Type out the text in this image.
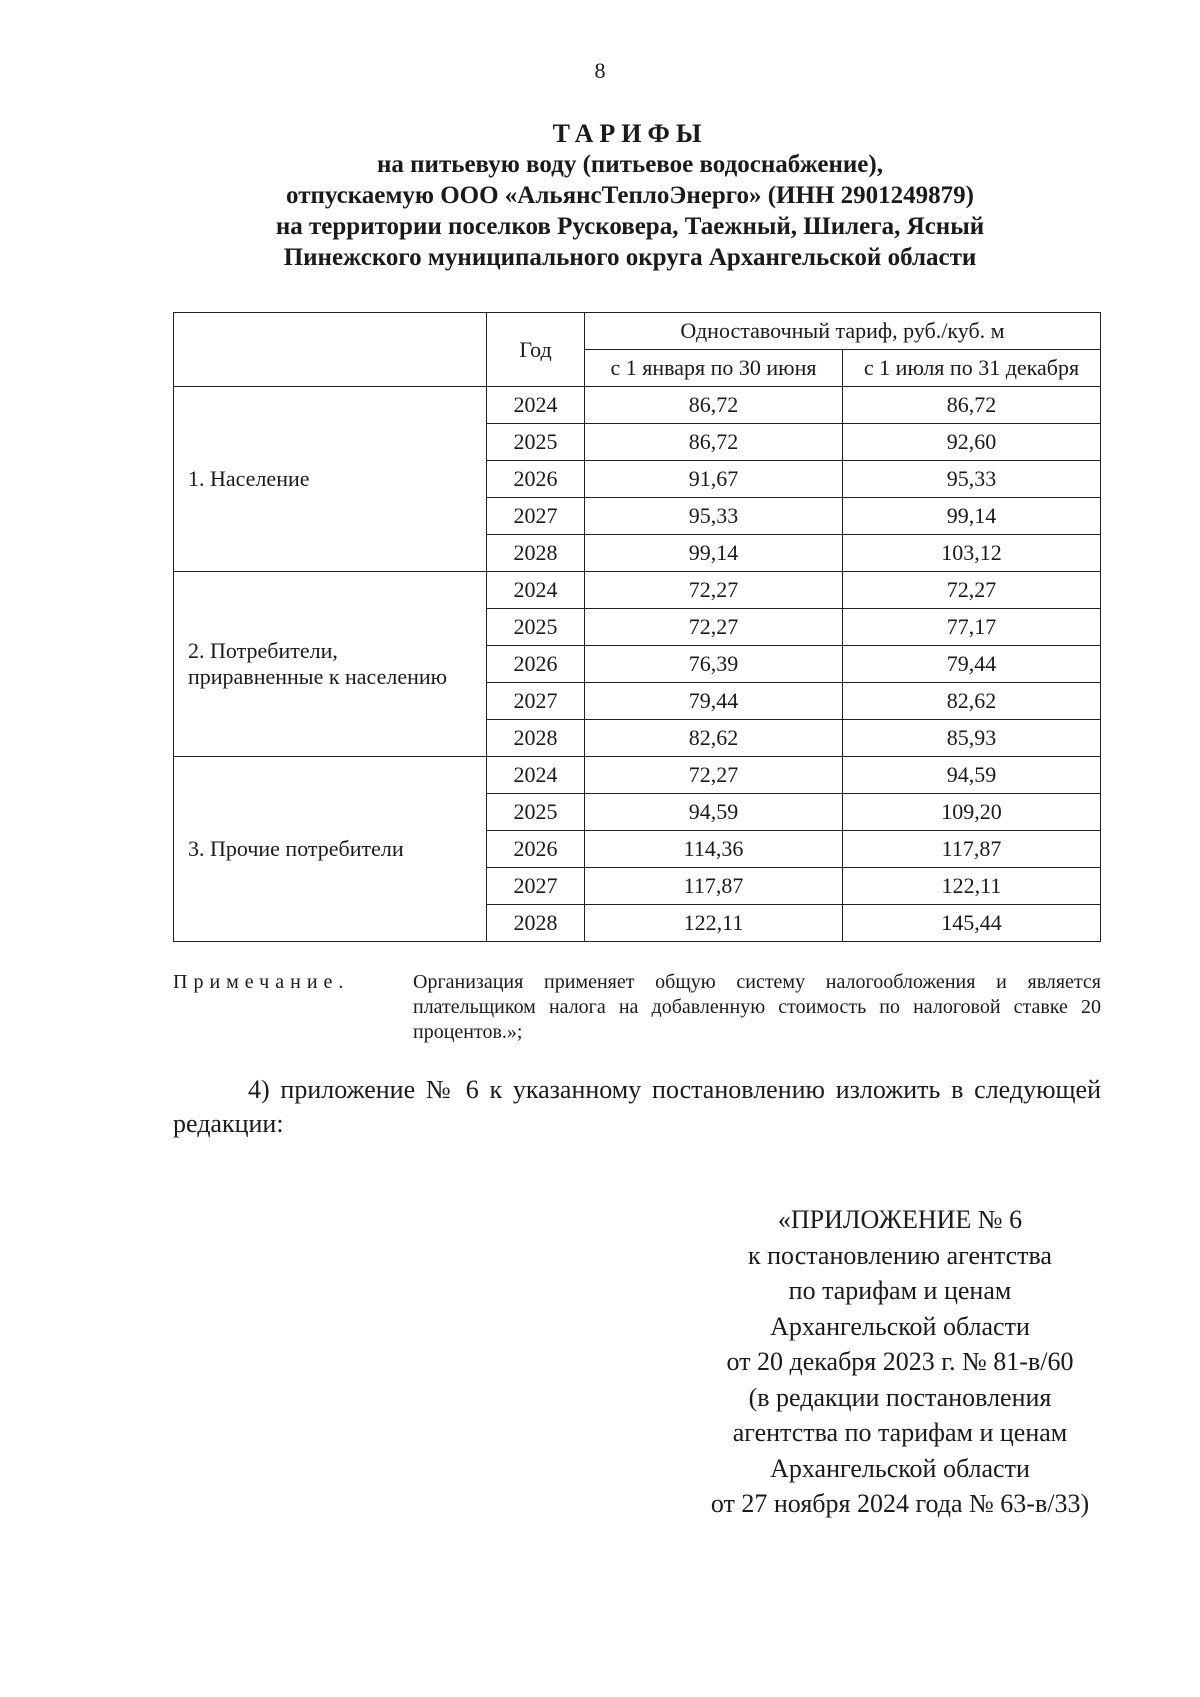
8
ТАРИФЫ
на питьевую воду (питьевое водоснабжение),
отпускаемую ООО «АльянсТеплоЭнерго» (ИНН 2901249879)
на территории поселков Русковера, Таежный, Шилега, Ясный
Пинежского муниципального округа Архангельской области
	Год	Одноставочный тариф, руб./куб. м	
		с 1 января по 30 июня	с 1 июля по 31 декабря
1. Население	2024	86,72	86,72
	2025	86,72	92,60
	2026	91,67	95,33
	2027	95,33	99,14
	2028	99,14	103,12

2. Потребители,
приравненные к населению	2024	72,27	72,27
	2025	72,27	77,17
	2026	76,39	79,44
	2027	79,44	82,62
	2028	82,62	85,93
3. Прочие потребители	2024	72,27	94,59
	2025	94,59	109,20
	2026	114,36	117,87
	2027	117,87	122,11
	2028	122,11	145,44
Примечание.	Организация применяет общую систему налогообложения и является плательщиком налога на добавленную стоимость по налоговой ставке 20 процентов.»;
4) приложение № 6 к указанному постановлению изложить в следующей редакции:
«ПРИЛОЖЕНИЕ № 6
к постановлению агентства
по тарифам и ценам
Архангельской области
от 20 декабря 2023 г. № 81-в/60
(в редакции постановления
агентства по тарифам и ценам
Архангельской области
от 27 ноября 2024 года № 63-в/33)
